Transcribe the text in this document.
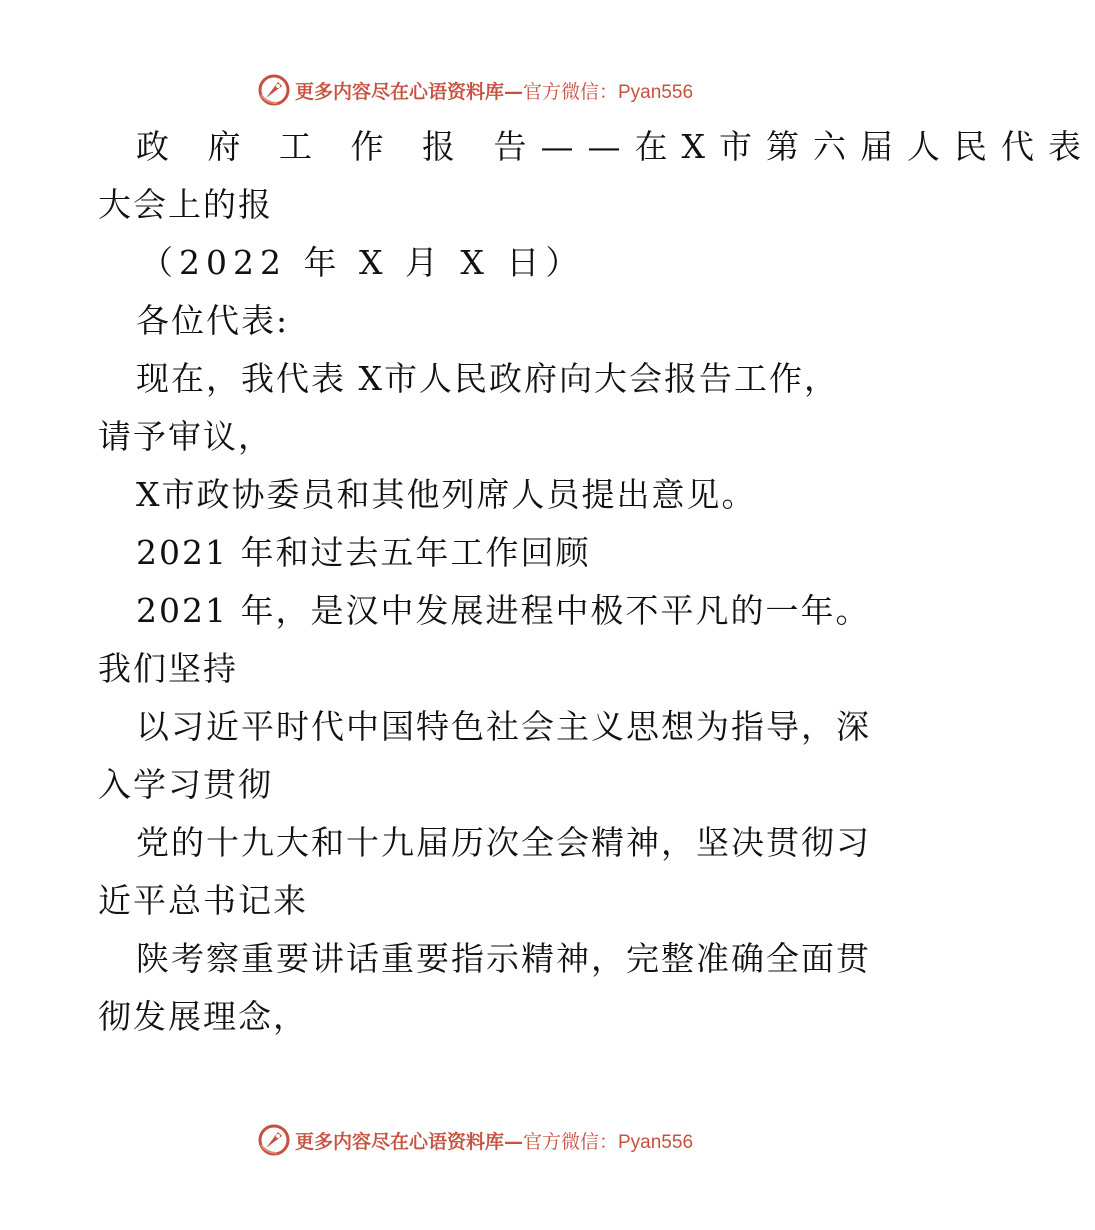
更多内容尽在心语资料库—官方微信：Pyan556
政 府 工 作 报 告——在X市第六届人民代表
大会上的报
（2022 年 X 月 X 日）
各位代表:
现在，我代表 X市人民政府向大会报告工作，
请予审议，
X市政协委员和其他列席人员提出意见。
2021 年和过去五年工作回顾
2021 年，是汉中发展进程中极不平凡的一年。
我们坚持
以习近平时代中国特色社会主义思想为指导，深
入学习贯彻
党的十九大和十九届历次全会精神，坚决贯彻习
近平总书记来
陕考察重要讲话重要指示精神，完整准确全面贯
彻发展理念，
更多内容尽在心语资料库—官方微信：Pyan556
